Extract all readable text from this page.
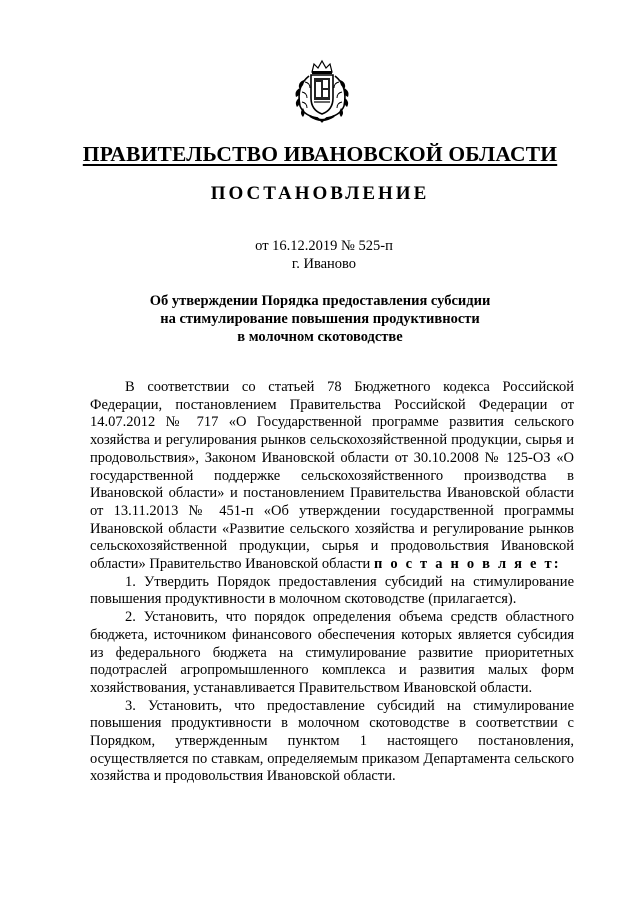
ПРАВИТЕЛЬСТВО ИВАНОВСКОЙ ОБЛАСТИ
ПОСТАНОВЛЕНИЕ
от 16.12.2019 № 525-п
г. Иваново
Об утверждении Порядка предоставления субсидии
на стимулирование повышения продуктивности
в молочном скотоводстве

В соответствии со статьей 78 Бюджетного кодекса Российской Федерации, постановлением Правительства Российской Федерации от 14.07.2012 № 717 «О Государственной программе развития сельского хозяйства и регулирования рынков сельскохозяйственной продукции, сырья и продовольствия», Законом Ивановской области от 30.10.2008 № 125-ОЗ «О государственной поддержке сельскохозяйственного производства в Ивановской области» и постановлением Правительства Ивановской области от 13.11.2013 № 451-п «Об утверждении государственной программы Ивановской области «Развитие сельского хозяйства и регулирование рынков сельскохозяйственной продукции, сырья и продовольствия Ивановской области» Правительство Ивановской области п о с т а н о в л я е т:

1. Утвердить Порядок предоставления субсидий на стимулирование повышения продуктивности в молочном скотоводстве (прилагается).

2. Установить, что порядок определения объема средств областного бюджета, источником финансового обеспечения которых является субсидия из федерального бюджета на стимулирование развитие приоритетных подотраслей агропромышленного комплекса и развития малых форм хозяйствования, устанавливается Правительством Ивановской области.

3. Установить, что предоставление субсидий на стимулирование повышения продуктивности в молочном скотоводстве в соответствии с Порядком, утвержденным пунктом 1 настоящего постановления, осуществляется по ставкам, определяемым приказом Департамента сельского хозяйства и продовольствия Ивановской области.
